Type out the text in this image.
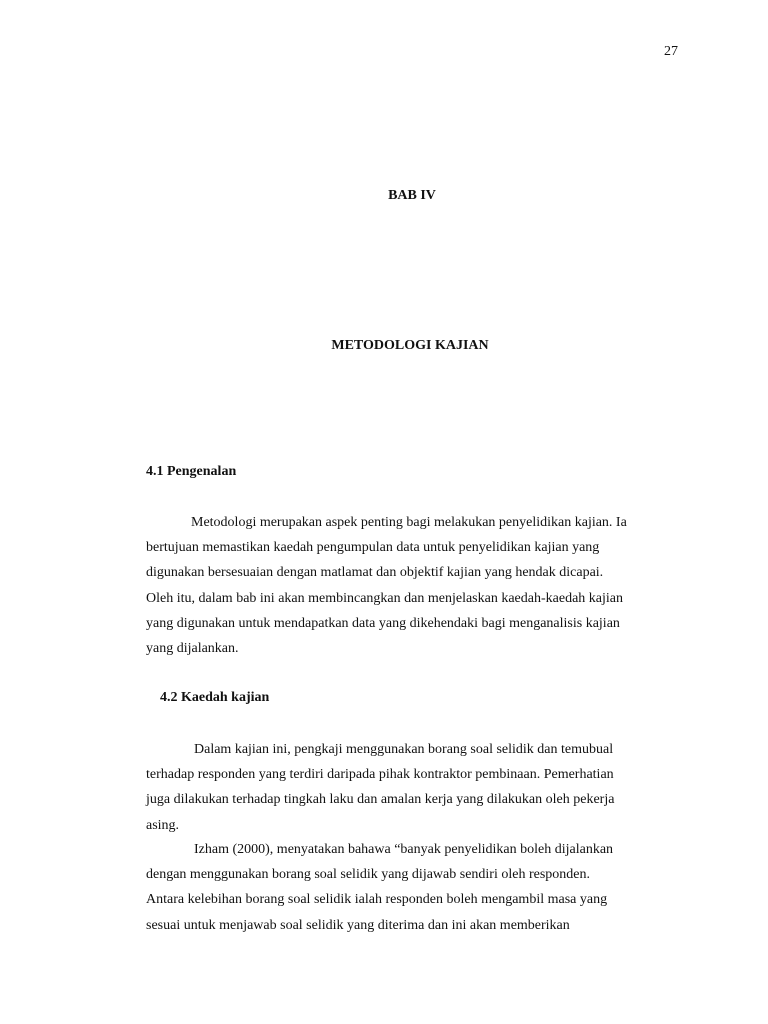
27
BAB IV
METODOLOGI KAJIAN
4.1 Pengenalan
Metodologi merupakan aspek penting bagi melakukan penyelidikan kajian. Ia
bertujuan memastikan kaedah pengumpulan data untuk penyelidikan kajian yang
digunakan bersesuaian dengan matlamat dan objektif kajian yang hendak dicapai.
Oleh itu, dalam bab ini akan membincangkan dan menjelaskan kaedah-kaedah kajian
yang digunakan untuk mendapatkan data yang dikehendaki bagi menganalisis kajian
yang dijalankan.
4.2 Kaedah kajian
Dalam kajian ini, pengkaji menggunakan borang soal selidik dan temubual
terhadap responden yang terdiri daripada pihak kontraktor pembinaan. Pemerhatian
juga dilakukan terhadap tingkah laku dan amalan kerja yang dilakukan oleh pekerja
asing.
Izham (2000), menyatakan bahawa “banyak penyelidikan boleh dijalankan
dengan menggunakan borang soal selidik yang dijawab sendiri oleh responden.
Antara kelebihan borang soal selidik ialah responden boleh mengambil masa yang
sesuai untuk menjawab soal selidik yang diterima dan ini akan memberikan
